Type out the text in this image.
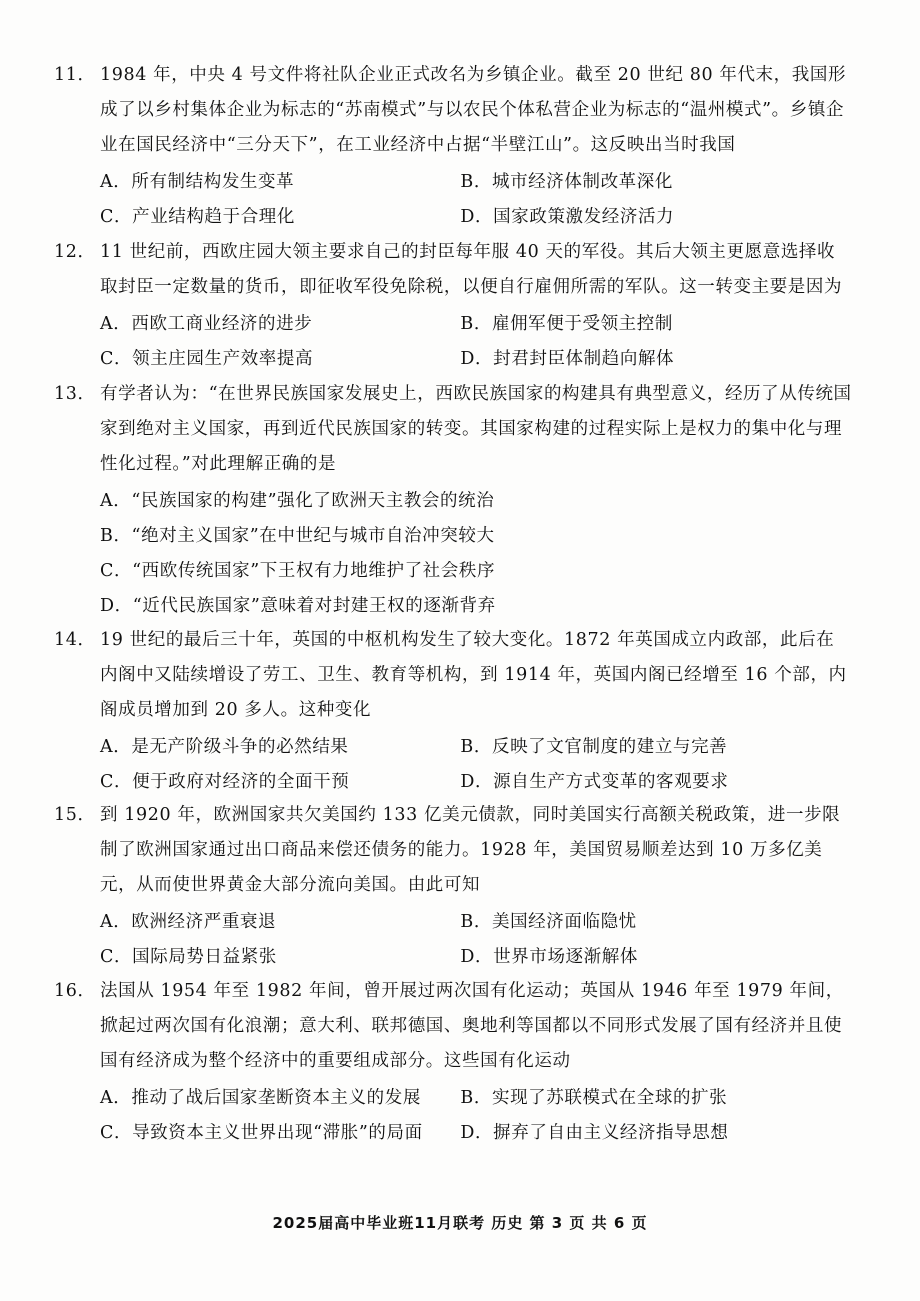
11． 1984 年，中央 4 号文件将社队企业正式改名为乡镇企业。截至 20 世纪 80 年代末，我国形成了以乡村集体企业为标志的“苏南模式”与以农民个体私营企业为标志的“温州模式”。乡镇企业在国民经济中“三分天下”，在工业经济中占据“半壁江山”。这反映出当时我国
A．所有制结构发生变革	B．城市经济体制改革深化
C．产业结构趋于合理化	D．国家政策激发经济活力
12． 11 世纪前，西欧庄园大领主要求自己的封臣每年服 40 天的军役。其后大领主更愿意选择收取封臣一定数量的货币，即征收军役免除税，以便自行雇佣所需的军队。这一转变主要是因为
A．西欧工商业经济的进步	B．雇佣军便于受领主控制
C．领主庄园生产效率提高	D．封君封臣体制趋向解体
13． 有学者认为：“在世界民族国家发展史上，西欧民族国家的构建具有典型意义，经历了从传统国家到绝对主义国家，再到近代民族国家的转变。其国家构建的过程实际上是权力的集中化与理性化过程。”对此理解正确的是
A．“民族国家的构建”强化了欧洲天主教会的统治
B．“绝对主义国家”在中世纪与城市自治冲突较大
C．“西欧传统国家”下王权有力地维护了社会秩序
D．“近代民族国家”意味着对封建王权的逐渐背弃
14． 19 世纪的最后三十年，英国的中枢机构发生了较大变化。1872 年英国成立内政部，此后在内阁中又陆续增设了劳工、卫生、教育等机构，到 1914 年，英国内阁已经增至 16 个部，内阁成员增加到 20 多人。这种变化
A．是无产阶级斗争的必然结果	B．反映了文官制度的建立与完善
C．便于政府对经济的全面干预	D．源自生产方式变革的客观要求
15． 到 1920 年，欧洲国家共欠美国约 133 亿美元债款，同时美国实行高额关税政策，进一步限制了欧洲国家通过出口商品来偿还债务的能力。1928 年，美国贸易顺差达到 10 万多亿美元，从而使世界黄金大部分流向美国。由此可知
A．欧洲经济严重衰退	B．美国经济面临隐忧
C．国际局势日益紧张	D．世界市场逐渐解体
16． 法国从 1954 年至 1982 年间，曾开展过两次国有化运动；英国从 1946 年至 1979 年间，掀起过两次国有化浪潮；意大利、联邦德国、奥地利等国都以不同形式发展了国有经济并且使国有经济成为整个经济中的重要组成部分。这些国有化运动
A．推动了战后国家垄断资本主义的发展	B．实现了苏联模式在全球的扩张
C．导致资本主义世界出现“滞胀”的局面	D．摒弃了自由主义经济指导思想
2025届高中毕业班11月联考 历史 第 3 页 共 6 页
